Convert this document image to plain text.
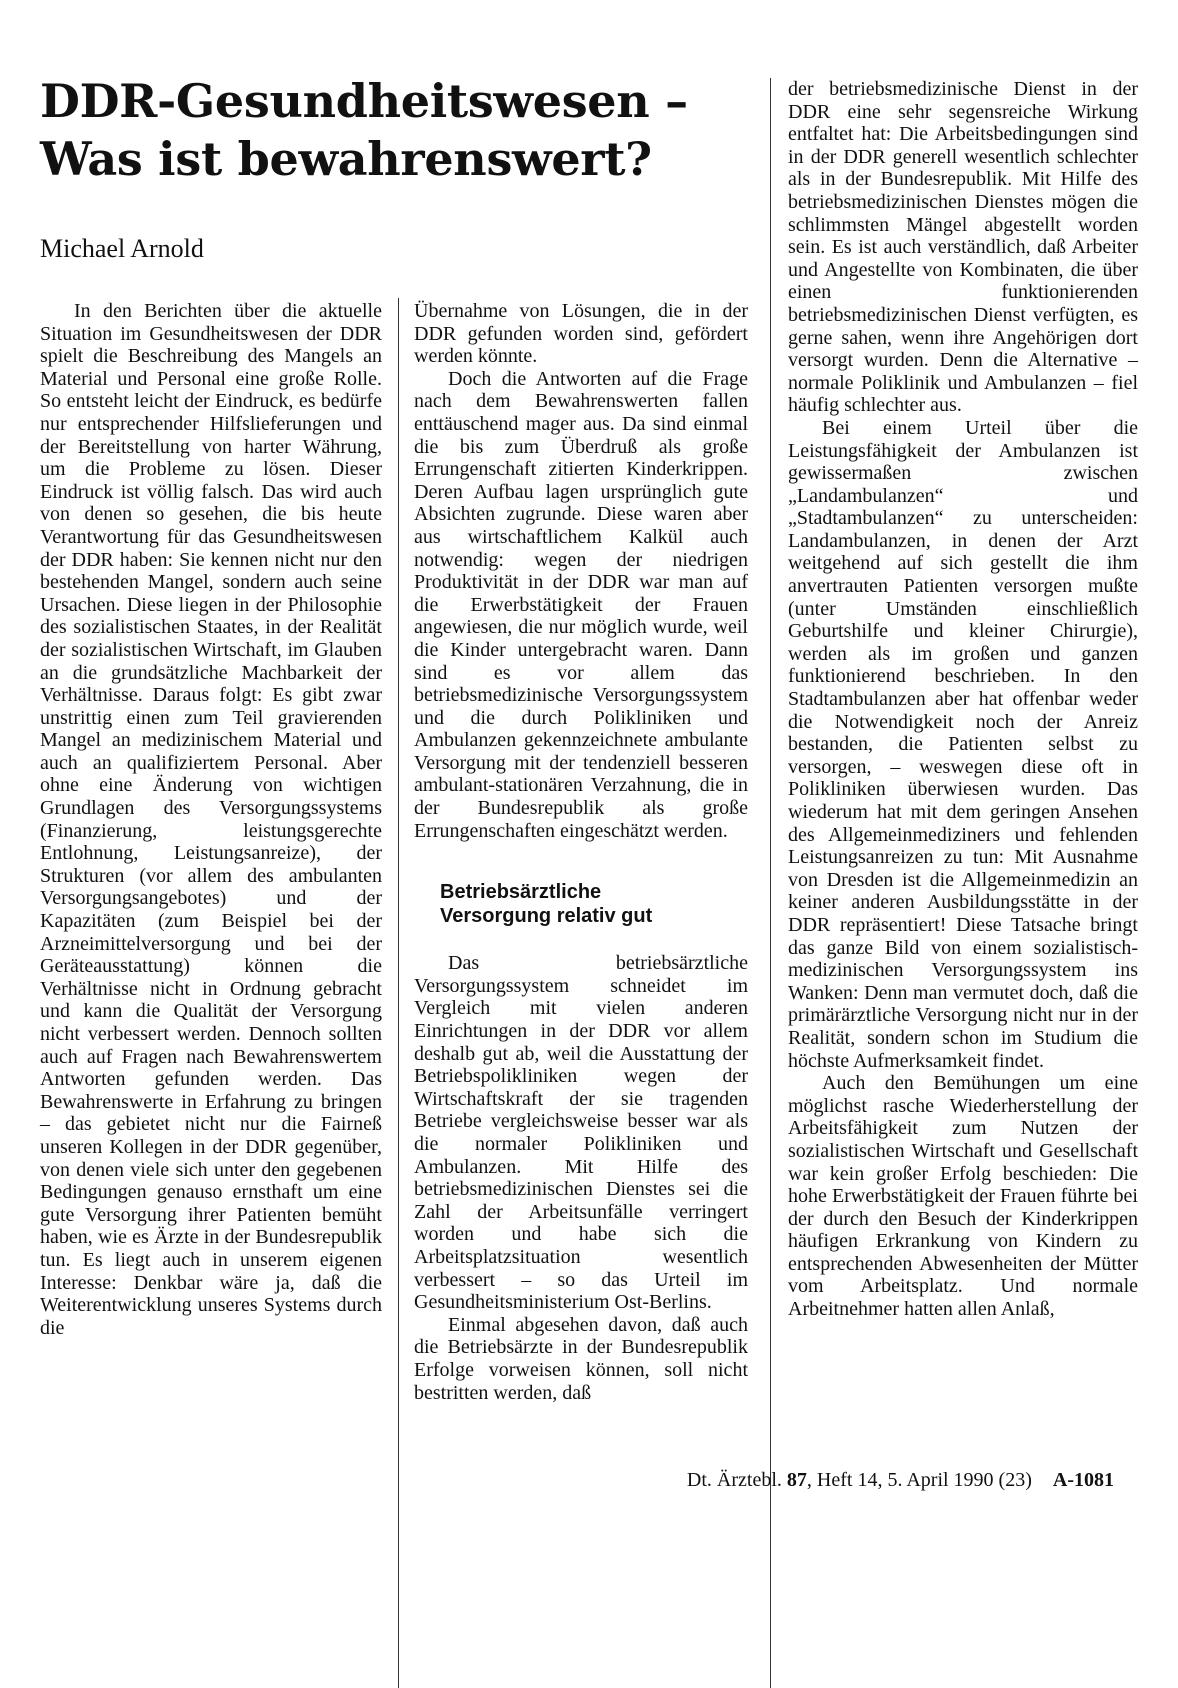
DDR-Gesundheitswesen –
Was ist bewahrenswert?
Michael Arnold

In den Berichten über die aktuelle Situation im Gesundheitswesen der DDR spielt die Beschreibung des Mangels an Material und Personal eine große Rolle. So entsteht leicht der Eindruck, es bedürfe nur entsprechender Hilfslieferungen und der Bereitstellung von harter Währung, um die Probleme zu lösen. Dieser Eindruck ist völlig falsch. Das wird auch von denen so gesehen, die bis heute Verantwortung für das Gesundheitswesen der DDR haben: Sie kennen nicht nur den bestehenden Mangel, sondern auch seine Ursachen. Diese liegen in der Philosophie des sozialistischen Staates, in der Realität der sozialistischen Wirtschaft, im Glauben an die grundsätzliche Machbarkeit der Verhältnisse. Daraus folgt: Es gibt zwar unstrittig einen zum Teil gravierenden Mangel an medizinischem Material und auch an qualifiziertem Personal. Aber ohne eine Änderung von wichtigen Grundlagen des Versorgungssystems (Finanzierung, leistungsgerechte Entlohnung, Leistungsanreize), der Strukturen (vor allem des ambulanten Versorgungsangebotes) und der Kapazitäten (zum Beispiel bei der Arzneimittelversorgung und bei der Geräteausstattung) können die Verhältnisse nicht in Ordnung gebracht und kann die Qualität der Versorgung nicht verbessert werden. Dennoch sollten auch auf Fragen nach Bewahrenswertem Antworten gefunden werden. Das Bewahrenswerte in Erfahrung zu bringen – das gebietet nicht nur die Fairneß unseren Kollegen in der DDR gegenüber, von denen viele sich unter den gegebenen Bedingungen genauso ernsthaft um eine gute Versorgung ihrer Patienten bemüht haben, wie es Ärzte in der Bundesrepublik tun. Es liegt auch in unserem eigenen Interesse: Denkbar wäre ja, daß die Weiterentwicklung unseres Systems durch die

Übernahme von Lösungen, die in der DDR gefunden worden sind, gefördert werden könnte.

Doch die Antworten auf die Frage nach dem Bewahrenswerten fallen enttäuschend mager aus. Da sind einmal die bis zum Überdruß als große Errungenschaft zitierten Kinderkrippen. Deren Aufbau lagen ursprünglich gute Absichten zugrunde. Diese waren aber aus wirtschaftlichem Kalkül auch notwendig: wegen der niedrigen Produktivität in der DDR war man auf die Erwerbstätigkeit der Frauen angewiesen, die nur möglich wurde, weil die Kinder untergebracht waren. Dann sind es vor allem das betriebsmedizinische Versorgungssystem und die durch Polikliniken und Ambulanzen gekennzeichnete ambulante Versorgung mit der tendenziell besseren ambulant-stationären Verzahnung, die in der Bundesrepublik als große Errungenschaften eingeschätzt werden.

Betriebsärztliche
Versorgung relativ gut

Das betriebsärztliche Versorgungssystem schneidet im Vergleich mit vielen anderen Einrichtungen in der DDR vor allem deshalb gut ab, weil die Ausstattung der Betriebspolikliniken wegen der Wirtschaftskraft der sie tragenden Betriebe vergleichsweise besser war als die normaler Polikliniken und Ambulanzen. Mit Hilfe des betriebsmedizinischen Dienstes sei die Zahl der Arbeitsunfälle verringert worden und habe sich die Arbeitsplatzsituation wesentlich verbessert – so das Urteil im Gesundheitsministerium Ost-Berlins.

Einmal abgesehen davon, daß auch die Betriebsärzte in der Bundesrepublik Erfolge vorweisen können, soll nicht bestritten werden, daß

der betriebsmedizinische Dienst in der DDR eine sehr segensreiche Wirkung entfaltet hat: Die Arbeitsbedingungen sind in der DDR generell wesentlich schlechter als in der Bundesrepublik. Mit Hilfe des betriebsmedizinischen Dienstes mögen die schlimmsten Mängel abgestellt worden sein. Es ist auch verständlich, daß Arbeiter und Angestellte von Kombinaten, die über einen funktionierenden betriebsmedizinischen Dienst verfügten, es gerne sahen, wenn ihre Angehörigen dort versorgt wurden. Denn die Alternative – normale Poliklinik und Ambulanzen – fiel häufig schlechter aus.

Bei einem Urteil über die Leistungsfähigkeit der Ambulanzen ist gewissermaßen zwischen „Landambulanzen“ und „Stadtambulanzen“ zu unterscheiden: Landambulanzen, in denen der Arzt weitgehend auf sich gestellt die ihm anvertrauten Patienten versorgen mußte (unter Umständen einschließlich Geburtshilfe und kleiner Chirurgie), werden als im großen und ganzen funktionierend beschrieben. In den Stadtambulanzen aber hat offenbar weder die Notwendigkeit noch der Anreiz bestanden, die Patienten selbst zu versorgen, – weswegen diese oft in Polikliniken überwiesen wurden. Das wiederum hat mit dem geringen Ansehen des Allgemeinmediziners und fehlenden Leistungsanreizen zu tun: Mit Ausnahme von Dresden ist die Allgemeinmedizin an keiner anderen Ausbildungsstätte in der DDR repräsentiert! Diese Tatsache bringt das ganze Bild von einem sozialistisch-medizinischen Versorgungssystem ins Wanken: Denn man vermutet doch, daß die primärärztliche Versorgung nicht nur in der Realität, sondern schon im Studium die höchste Aufmerksamkeit findet.

Auch den Bemühungen um eine möglichst rasche Wiederherstellung der Arbeitsfähigkeit zum Nutzen der sozialistischen Wirtschaft und Gesellschaft war kein großer Erfolg beschieden: Die hohe Erwerbstätigkeit der Frauen führte bei der durch den Besuch der Kinderkrippen häufigen Erkrankung von Kindern zu entsprechenden Abwesenheiten der Mütter vom Arbeitsplatz. Und normale Arbeitnehmer hatten allen Anlaß,

Dt. Ärztebl. 87, Heft 14, 5. April 1990 (23) A-1081
